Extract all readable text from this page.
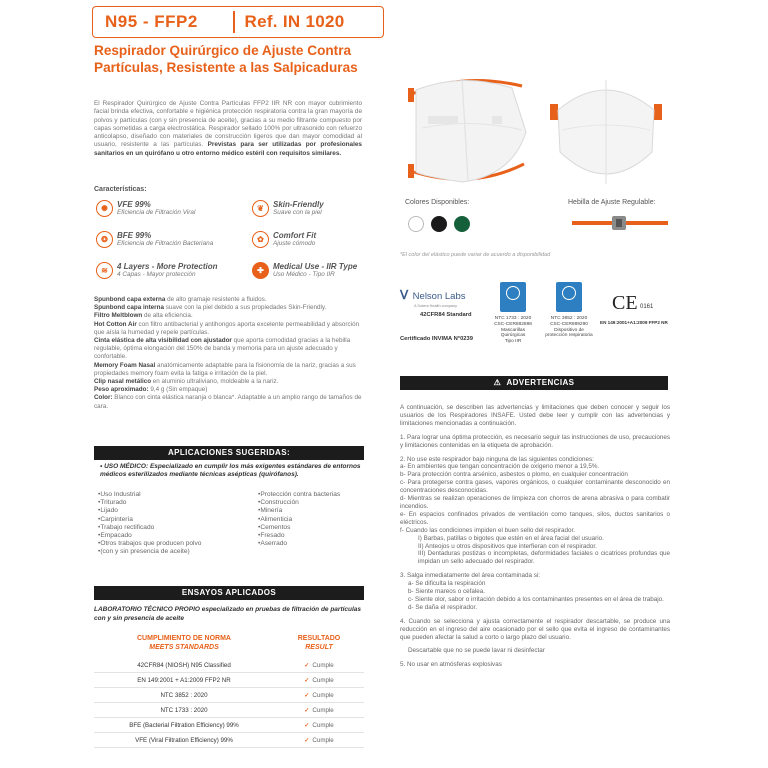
N95 - FFP2	Ref. IN 1020
Respirador Quirúrgico de Ajuste Contra Partículas, Resistente a las Salpicaduras
El Respirador Quirúrgico de Ajuste Contra Partículas FFP2 IIR NR con mayor cubrimiento facial brinda efectiva, confortable e higiénica protección respiratoria contra la gran mayoría de polvos y partículas (con y sin presencia de aceite), gracias a su medio filtrante compuesto por capas sometidas a carga electrostática. Respirador sellado 100% por ultrasonido con refuerzo anticolapso, diseñado con materiales de construcción ligeros que dan mayor comodidad al usuario, resistente a las partículas. Previstas para ser utilizadas por profesionales sanitarios en un quirófano u otro entorno médico estéril con requisitos similares.
Características:
✺	VFE 99%
Eficiencia de Filtración Viral	❦	Skin-Friendly
Suave con la piel
❂	BFE 99%
Eficiencia de Filtración Bacteriana	✿	Comfort Fit
Ajuste cómodo
≋	4 Layers - More Protection
4 Capas - Mayor protección	✚	Medical Use - IIR Type
Uso Médico - Tipo IIR
Spunbond capa externa de alto gramaje resistente a fluidos.
Spunbond capa interna suave con la piel debido a sus propiedades Skin-Friendly.
Filtro Meltblown de alta eficiencia.
Hot Cotton Air con filtro antibacterial y antihongos aporta excelente permeabilidad y absorción que aísla la humedad y repele partículas.
Cinta elástica de alta visibilidad con ajustador que aporta comodidad gracias a la hebilla regulable, óptima elongación del 150% de banda y memoria para un ajuste adecuado y confortable.
Memory Foam Nasal anatómicamente adaptable para la fisionomía de la nariz, gracias a sus propiedades memory foam evita la fatiga e irritación de la piel.
Clip nasal metálico en aluminio ultraliviano, moldeable a la nariz.
Peso aproximado: 9,4 g (Sin empaque)
Color: Blanco con cinta elástica naranja o blanca*. Adaptable a un amplio rango de tamaños de cara.
APLICACIONES SUGERIDAS:
• USO MÉDICO: Especializado en cumplir los más exigentes estándares de entornos médicos esterilizados mediante técnicas asépticas (quirófanos).
• Uso Industrial
• Triturado
• Lijado
• Carpintería
• Trabajo rectificado
• Empacado
• Otros trabajos que producen polvo
• (con y sin presencia de aceite)
• Protección contra bacterias
• Construcción
• Minería
• Alimenticia
• Cementos
• Fresado
• Aserrado
ENSAYOS APLICADOS
LABORATORIO TÉCNICO PROPIO especializado en pruebas de filtración de partículas con y sin presencia de aceite
CUMPLIMIENTO DE NORMA
MEETS STANDARDS
RESULTADO
RESULT
42CFR84 (NIOSH) N95 Classified	✓ Cumple
EN 149:2001 + A1:2009 FFP2 NR	✓ Cumple
NTC 3852 : 2020	✓ Cumple
NTC 1733 : 2020	✓ Cumple
BFE (Bacterial Filtration Efficiency) 99%	✓ Cumple
VFE (Viral Filtration Efficiency) 99%	✓ Cumple
Colores Disponibles:	Hebilla de Ajuste Regulable:
*El color del elástico puede variar de acuerdo a disponibilidad
ᐯ Nelson Labs
A Sotera Health company
42CFR84 Standard
Certificado INVIMA N°0239
NTC 1733 : 2020
CSC-CER882898
Mascarillas
Quirúrgicas
Tipo IIR
NTC 3852 : 2020
CSC-CER889290
Dispositivo de
protección respiratoria
CE 0161
EN 149:2001+A1:2009 FFP2 NR
⚠ ADVERTENCIAS

A continuación, se describen las advertencias y limitaciones que deben conocer y seguir los usuarios de los Respiradores INSAFE. Usted debe leer y cumplir con las advertencias y limitaciones mencionadas a continuación.

1. Para lograr una óptima protección, es necesario seguir las instrucciones de uso, precauciones y limitaciones contenidas en la etiqueta de aprobación.

2. No use este respirador bajo ninguna de las siguientes condiciones:
a- En ambientes que tengan concentración de oxígeno menor a 19,5%.
b- Para protección contra arsénico, asbestos o plomo, en cualquier concentración
c- Para protegerse contra gases, vapores orgánicos, o cualquier contaminante desconocido en concentraciones desconocidas.
d- Mientras se realizan operaciones de limpieza con chorros de arena abrasiva o para combatir incendios.
e- En espacios confinados privados de ventilación como tanques, silos, ductos sanitarios o eléctricos.
f- Cuando las condiciones impiden el buen sello del respirador.
I) Barbas, patillas o bigotes que estén en el área facial del usuario.
II) Anteojos u otros dispositivos que interfieran con el respirador.

III) Dentaduras postizas o incompletas, deformidades faciales o cicatrices profundas que impidan un sello adecuado del respirador.

3. Salga inmediatamente del área contaminada si:
a- Se dificulta la respiración
b- Siente mareos o cefalea.
c- Siente olor, sabor o irritación debido a los contaminantes presentes en el área de trabajo.

d- Se daña el respirador.

4. Cuando se selecciona y ajusta correctamente el respirador descartable, se produce una reducción en el ingreso del aire ocasionado por el sello que evita el ingreso de contaminantes que pueden afectar la salud a corto o largo plazo del usuario.

Descartable que no se puede lavar ni desinfectar

5. No usar en atmósferas explosivas
